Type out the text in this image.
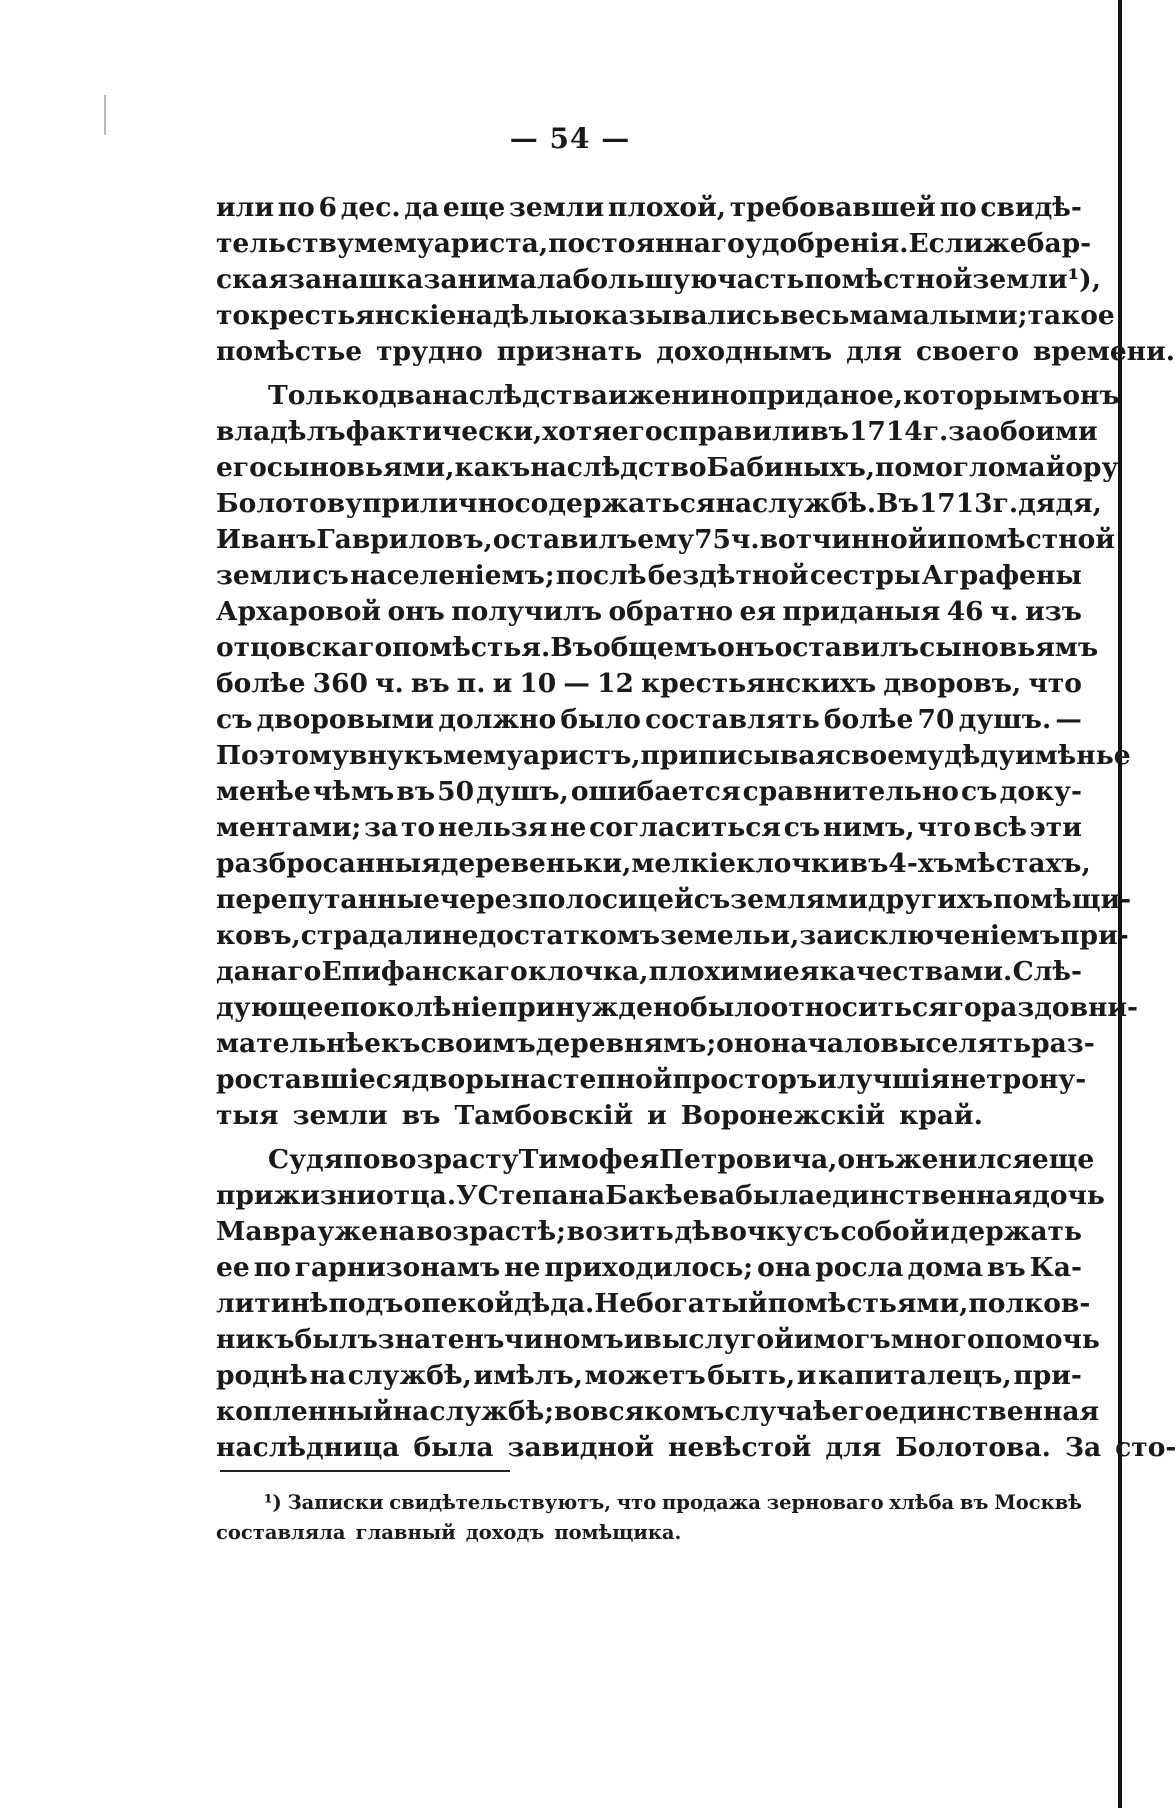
— 54 —
или по 6 дес. да еще земли плохой, требовавшей по свидѣ-
тельству мемуариста, постояннаго удобренія. Если же бар-
ская занашка занимала большую часть помѣстной земли ¹),
то крестьянскіе надѣлы оказывались весьма малыми; такое
помѣстье трудно признать доходнымъ для своего времени.
Только два наслѣдства и женино приданое, которымъ онъ
владѣлъ фактически, хотя его справили въ 1714 г. за обоими
его сыновьями, какъ наслѣдство Бабиныхъ, помогло майору
Болотову прилично содержаться на службѣ. Въ 1713 г. дядя,
Иванъ Гавриловъ, оставилъ ему 75 ч. вотчинной и помѣстной
земли съ населеніемъ; послѣ бездѣтной сестры Аграфены
Архаровой онъ получилъ обратно ея приданыя 46 ч. изъ
отцовскаго помѣстья. Въ общемъ онъ оставилъ сыновьямъ
болѣе 360 ч. въ п. и 10 — 12 крестьянскихъ дворовъ, что
съ дворовыми должно было составлять болѣе 70 душъ. —
Поэтому внукъ мемуаристъ, приписывая своему дѣду имѣнье
менѣе чѣмъ въ 50 душъ, ошибается сравнительно съ доку-
ментами; за то нельзя не согласиться съ нимъ, что всѣ эти
разбросанныя деревеньки, мелкіе клочки въ 4-хъ мѣстахъ,
перепутанные черезполосицей съ землями другихъ помѣщи-
ковъ, страдали недостаткомъ земель и, за исключеніемъ при-
данаго Епифанскаго клочка, плохими ея качествами. Слѣ-
дующее поколѣніе принуждено было относиться гораздо вни-
мательнѣе къ своимъ деревнямъ; оно начало выселять раз-
роставшіеся дворы на степной просторъ и лучшія нетрону-
тыя земли въ Тамбовскій и Воронежскій край.
Судя по возрасту Тимофея Петровича, онъ женился еще
при жизни отца. У Степана Бакѣева была единственная дочь
Мавра уже на возрастѣ; возить дѣвочку съ собой и держать
ее по гарнизонамъ не приходилось; она росла дома въ Ка-
литинѣ подъ опекой дѣда. Небогатый помѣстьями, полков-
никъ былъ знатенъ чиномъ и выслугой и могъ много помочь
роднѣ на службѣ, имѣлъ, можетъ быть, и капиталецъ, при-
копленный на службѣ; во всякомъ случаѣ его единственная
наслѣдница была завидной невѣстой для Болотова. За сто-
¹) Записки свидѣтельствуютъ, что продажа зерноваго хлѣба въ Москвѣ
составляла главный доходъ помѣщика.
